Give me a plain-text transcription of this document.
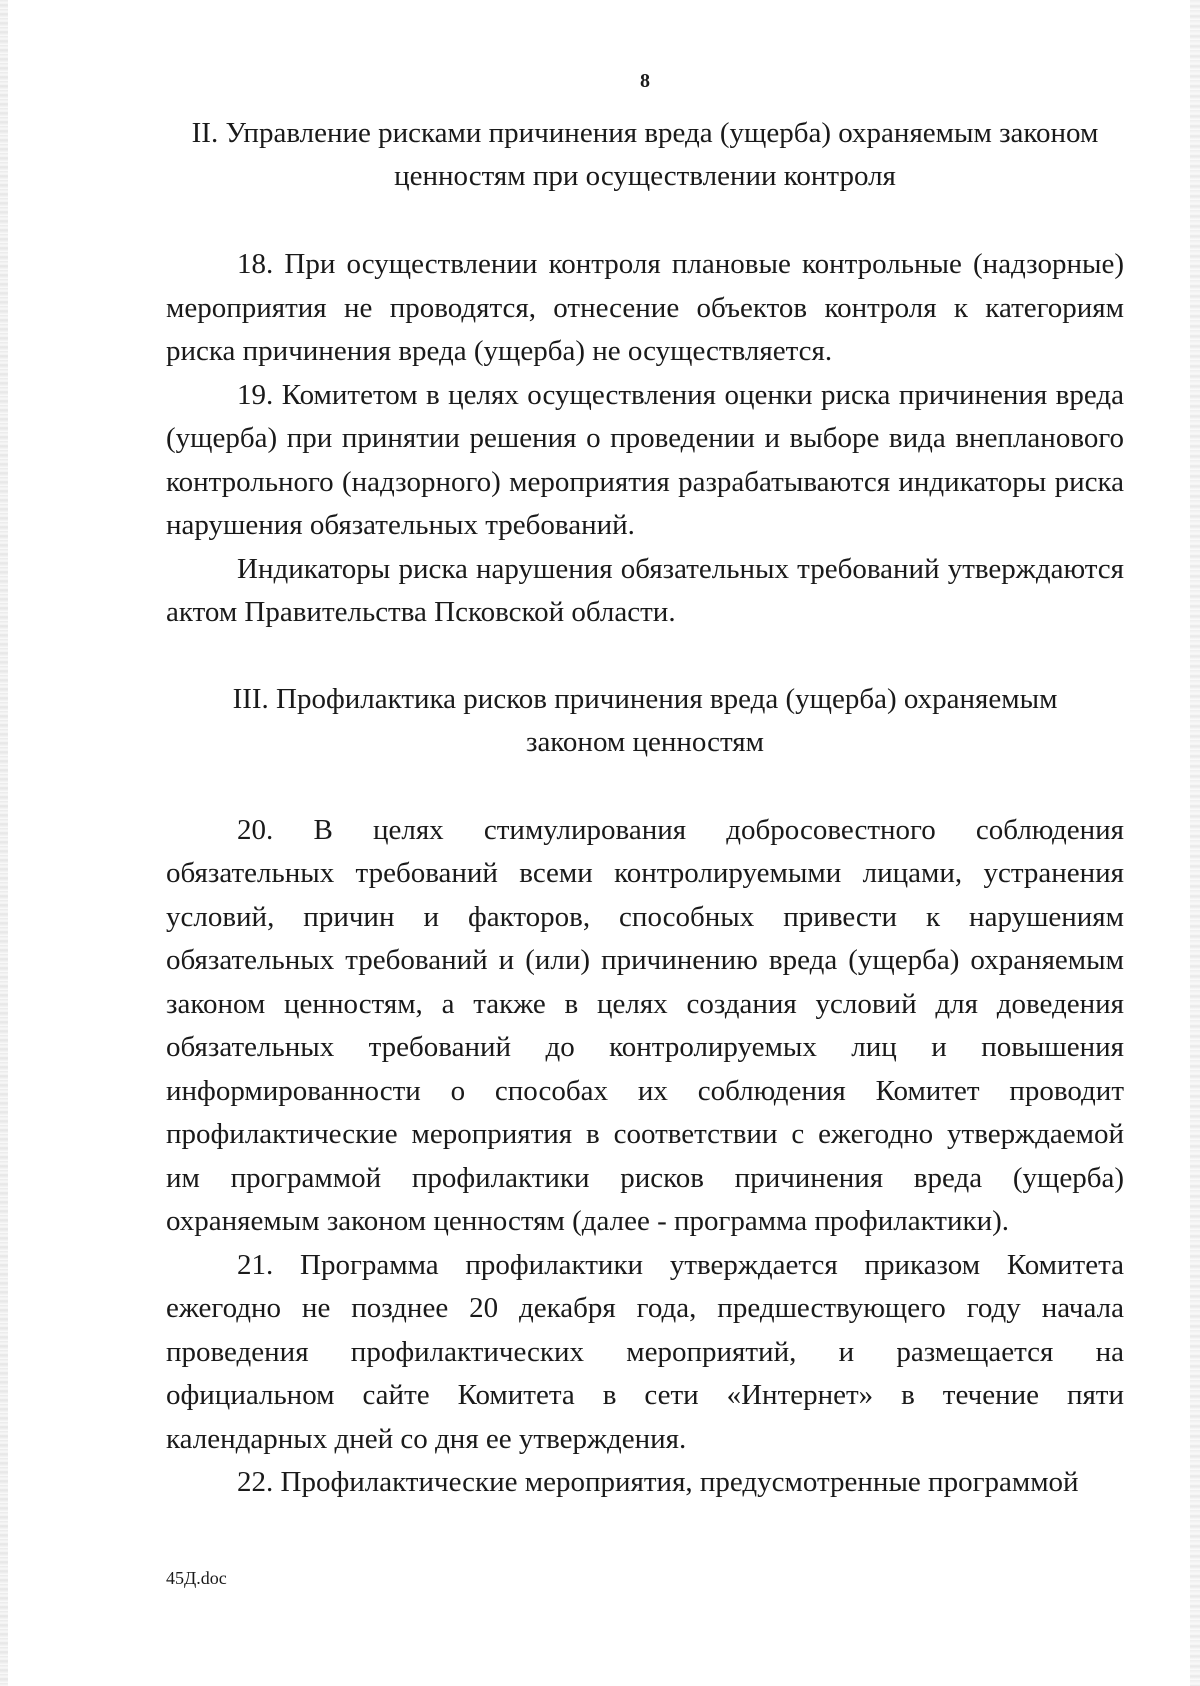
8
II. Управление рисками причинения вреда (ущерба) охраняемым законом
ценностям при осуществлении контроля

18. При осуществлении контроля плановые контрольные (надзорные) мероприятия не проводятся, отнесение объектов контроля к категориям риска причинения вреда (ущерба) не осуществляется.

19. Комитетом в целях осуществления оценки риска причинения вреда (ущерба) при принятии решения о проведении и выборе вида внепланового контрольного (надзорного) мероприятия разрабатываются индикаторы риска нарушения обязательных требований.

Индикаторы риска нарушения обязательных требований утверждаются актом Правительства Псковской области.

III. Профилактика рисков причинения вреда (ущерба) охраняемым
законом ценностям

20. В целях стимулирования добросовестного соблюдения обязательных требований всеми контролируемыми лицами, устранения условий, причин и факторов, способных привести к нарушениям обязательных требований и (или) причинению вреда (ущерба) охраняемым законом ценностям, а также в целях создания условий для доведения обязательных требований до контролируемых лиц и повышения информированности о способах их соблюдения Комитет проводит профилактические мероприятия в соответствии с ежегодно утверждаемой им программой профилактики рисков причинения вреда (ущерба) охраняемым законом ценностям (далее - программа профилактики).

21. Программа профилактики утверждается приказом Комитета ежегодно не позднее 20 декабря года, предшествующего году начала проведения профилактических мероприятий, и размещается на официальном сайте Комитета в сети «Интернет» в течение пяти календарных дней со дня ее утверждения.

22. Профилактические мероприятия, предусмотренные программой

45Д.doc
